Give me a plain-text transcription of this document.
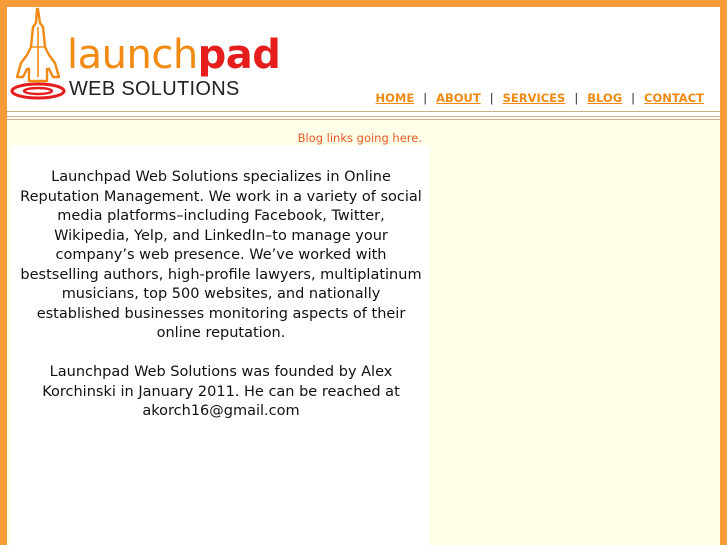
launchpad
WEB SOLUTIONS	HOME | ABOUT | SERVICES | BLOG | CONTACT
Blog links going here.

Launchpad Web Solutions specializes in Online Reputation Management. We work in a variety of social media platforms–including Facebook, Twitter, Wikipedia, Yelp, and LinkedIn–to manage your company’s web presence. We’ve worked with bestselling authors, high-profile lawyers, multiplatinum musicians, top 500 websites, and nationally established businesses monitoring aspects of their online reputation.

Launchpad Web Solutions was founded by Alex Korchinski in January 2011. He can be reached at akorch16@gmail.com
